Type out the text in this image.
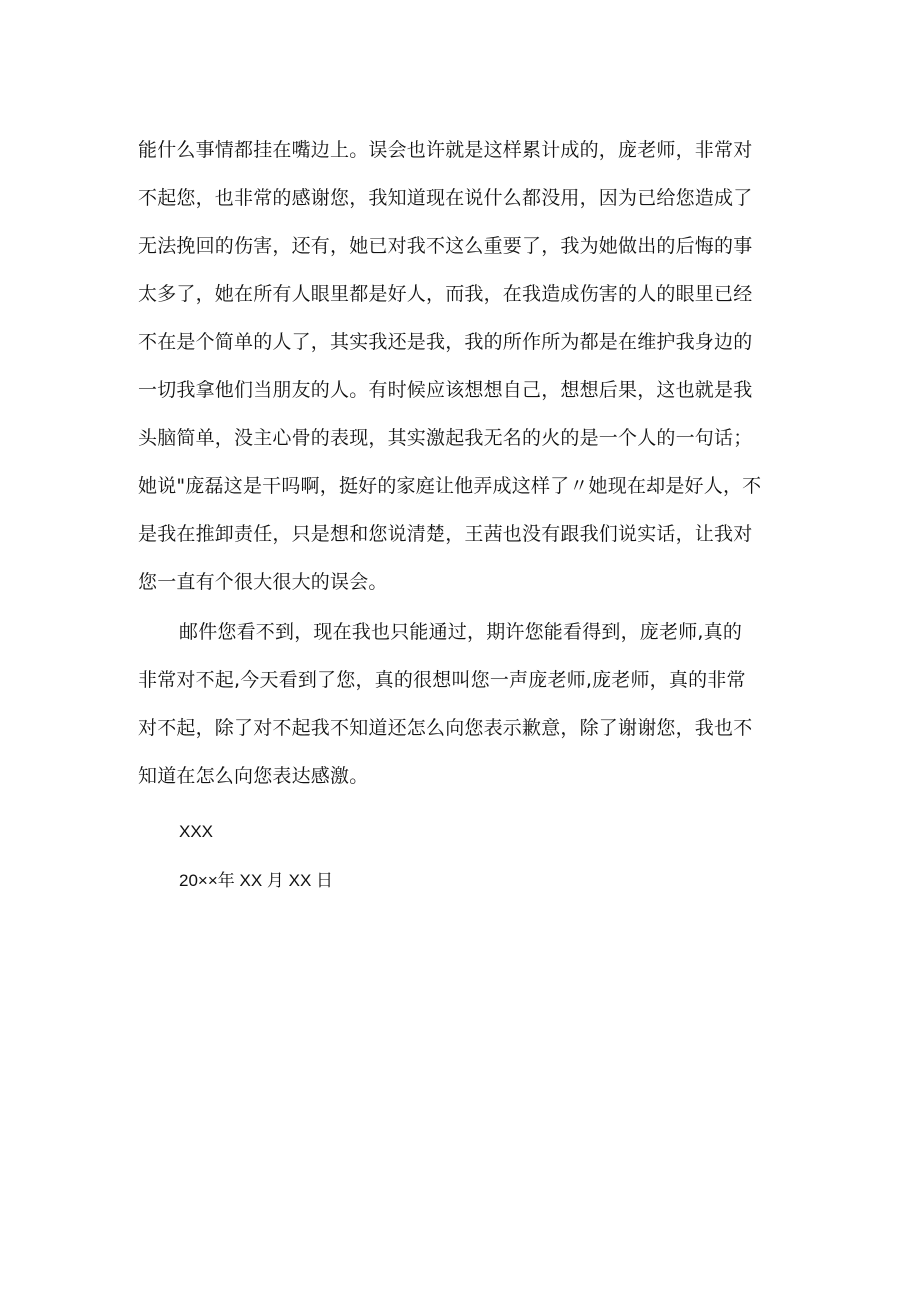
能什么事情都挂在嘴边上。误会也许就是这样累计成的，庞老师，非常对
不起您，也非常的感谢您，我知道现在说什么都没用，因为已给您造成了
无法挽回的伤害，还有，她已对我不这么重要了，我为她做出的后悔的事
太多了，她在所有人眼里都是好人，而我，在我造成伤害的人的眼里已经
不在是个简单的人了，其实我还是我，我的所作所为都是在维护我身边的
一切我拿他们当朋友的人。有时候应该想想自己，想想后果，这也就是我
头脑简单，没主心骨的表现，其实激起我无名的火的是一个人的一句话；
她说"庞磊这是干吗啊，挺好的家庭让他弄成这样了〃她现在却是好人，不
是我在推卸责任，只是想和您说清楚，王茜也没有跟我们说实话，让我对
您一直有个很大很大的误会。
邮件您看不到，现在我也只能通过，期许您能看得到，庞老师,真的
非常对不起,今天看到了您，真的很想叫您一声庞老师,庞老师，真的非常
对不起，除了对不起我不知道还怎么向您表示歉意，除了谢谢您，我也不
知道在怎么向您表达感激。
XXX
20××年 XX 月 XX 日
